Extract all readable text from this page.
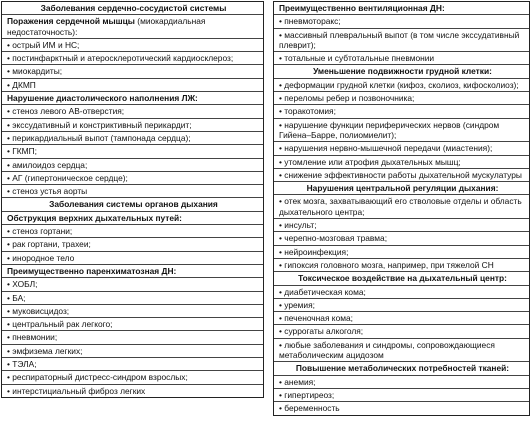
Заболевания сердечно-сосудистой системы
Поражения сердечной мышцы (миокардиальная недостаточность):
• острый ИМ и НС;
• постинфарктный и атеросклеротический кардиосклероз;
• миокардиты;
• ДКМП
Нарушение диастолического наполнения ЛЖ:
• стеноз левого АВ-отверстия;
• экссудативный и констриктивный перикардит;
• перикардиальный выпот (тампонада сердца);
• ГКМП;
• амилоидоз сердца;
• АГ (гипертоническое сердце);
• стеноз устья аорты
Заболевания системы органов дыхания
Обструкция верхних дыхательных путей:
• стеноз гортани;
• рак гортани, трахеи;
• инородное тело
Преимущественно паренхиматозная ДН:
• ХОБЛ;
• БА;
• муковисцидоз;
• центральный рак легкого;
• пневмонии;
• эмфизема легких;
• ТЭЛА;
• респираторный дистресс-синдром взрослых;
• интерстициальный фиброз легких
Преимущественно вентиляционная ДН:
• пневмоторакс;
• массивный плевральный выпот (в том числе экссудативный плеврит);
• тотальные и субтотальные пневмонии
Уменьшение подвижности грудной клетки:
• деформации грудной клетки (кифоз, сколиоз, кифосколиоз);
• переломы ребер и позвоночника;
• торакотомия;
• нарушение функции периферических нервов (синдром Гийена–Барре, полиомиелит);
• нарушения нервно-мышечной передачи (миастения);
• утомление или атрофия дыхательных мышц;
• снижение эффективности работы дыхательной мускулатуры
Нарушения центральной регуляции дыхания:
• отек мозга, захватывающий его стволовые отделы и область дыхательного центра;
• инсульт;
• черепно-мозговая травма;
• нейроинфекция;
• гипоксия головного мозга, например, при тяжелой СН
Токсическое воздействие на дыхательный центр:
• диабетическая кома;
• уремия;
• печеночная кома;
• суррогаты алкоголя;
• любые заболевания и синдромы, сопровождающиеся метаболическим ацидозом
Повышение метаболических потребностей тканей:
• анемия;
• гипертиреоз;
• беременность
